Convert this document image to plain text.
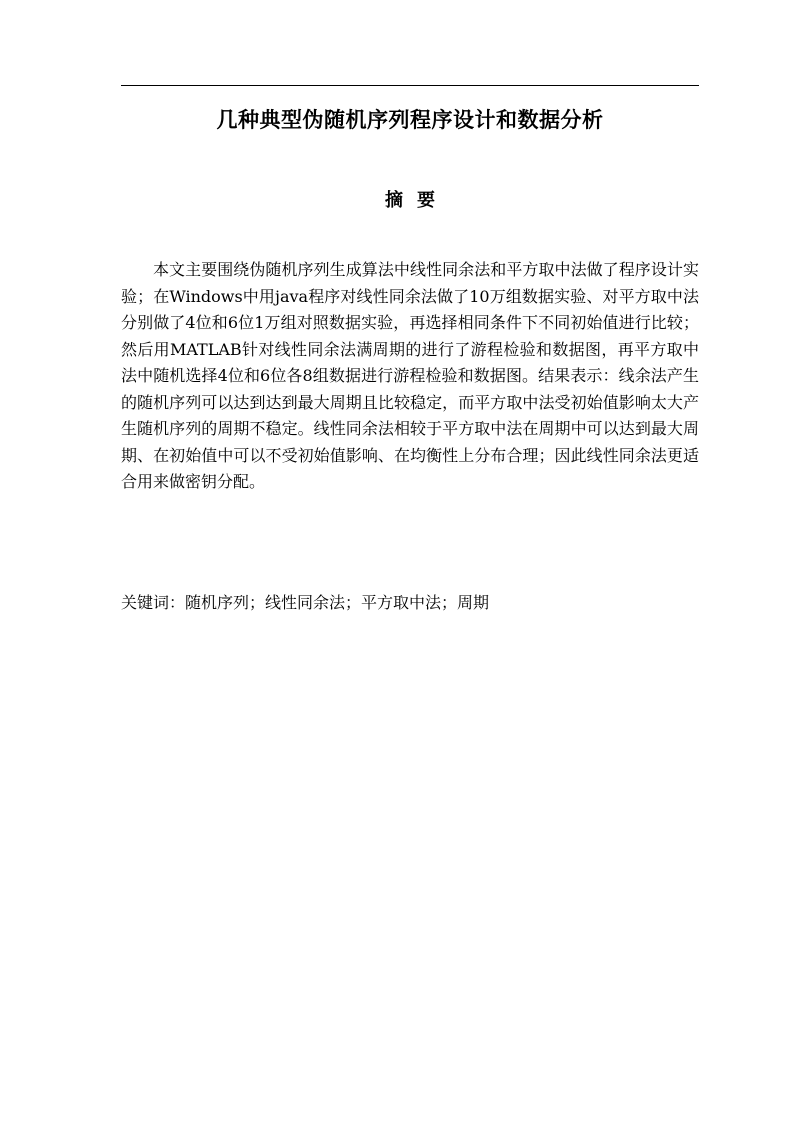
几种典型伪随机序列程序设计和数据分析
摘要

本文主要围绕伪随机序列生成算法中线性同余法和平方取中法做了程序设计实验；在Windows中用java程序对线性同余法做了10万组数据实验、对平方取中法分别做了4位和6位1万组对照数据实验，再选择相同条件下不同初始值进行比较；然后用MATLAB针对线性同余法满周期的进行了游程检验和数据图，再平方取中法中随机选择4位和6位各8组数据进行游程检验和数据图。结果表示：线余法产生的随机序列可以达到达到最大周期且比较稳定，而平方取中法受初始值影响太大产生随机序列的周期不稳定。线性同余法相较于平方取中法在周期中可以达到最大周期、在初始值中可以不受初始值影响、在均衡性上分布合理；因此线性同余法更适合用来做密钥分配。

关键词：随机序列；线性同余法；平方取中法；周期
